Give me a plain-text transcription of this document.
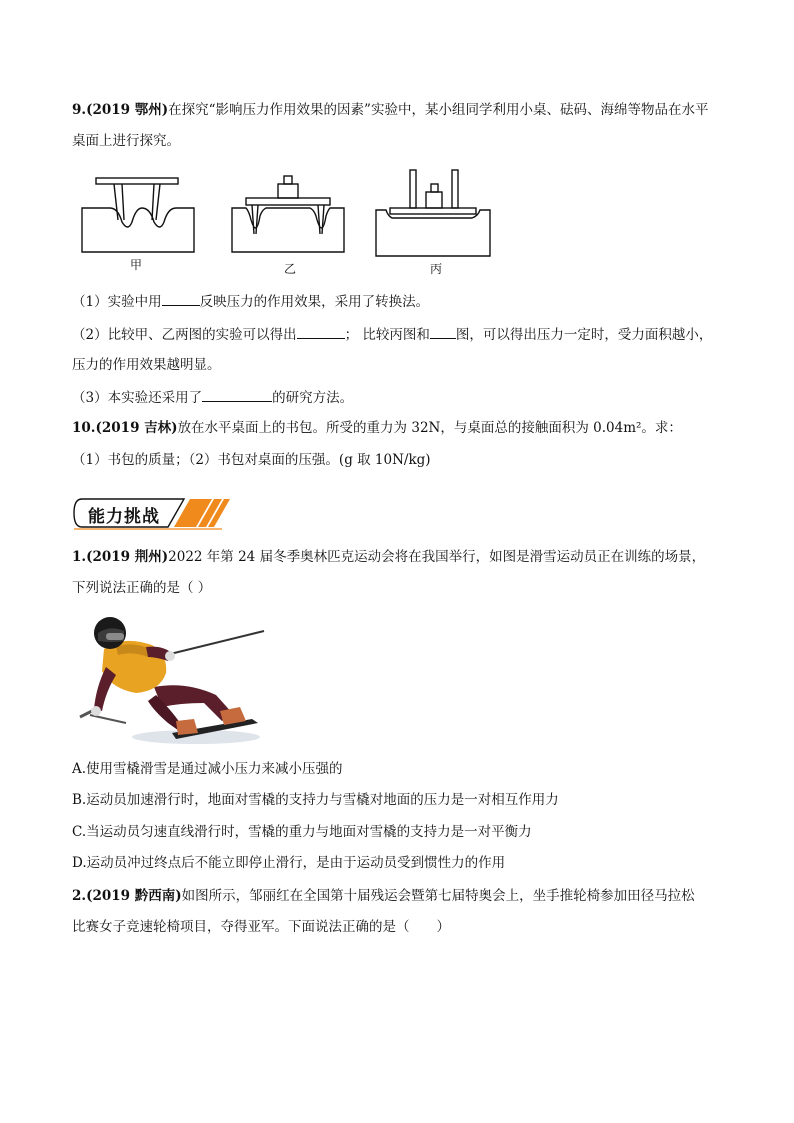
9.(2019 鄂州)在探究“影响压力作用效果的因素”实验中，某小组同学利用小桌、砝码、海绵等物品在水平
桌面上进行探究。
甲	乙	丙
（1）实验中用	反映压力的作用效果，采用了转换法。
（2）比较甲、乙两图的实验可以得出	； 比较丙图和 图，可以得出压力一定时，受力面积越小，
压力的作用效果越明显。
（3）本实验还采用了	的研究方法。
10.(2019 吉林)放在水平桌面上的书包。所受的重力为 32N，与桌面总的接触面积为 0.04m²。求：
（1）书包的质量；（2）书包对桌面的压强。(g 取 10N/kg)
能力挑战
1.(2019 荆州)2022 年第 24 届冬季奥林匹克运动会将在我国举行，如图是滑雪运动员正在训练的场景，
下列说法正确的是（ ）
A.使用雪橇滑雪是通过减小压力来减小压强的
B.运动员加速滑行时，地面对雪橇的支持力与雪橇对地面的压力是一对相互作用力
C.当运动员匀速直线滑行时，雪橇的重力与地面对雪橇的支持力是一对平衡力
D.运动员冲过终点后不能立即停止滑行，是由于运动员受到惯性力的作用
2.(2019 黔西南)如图所示，邹丽红在全国第十届残运会暨第七届特奥会上，坐手推轮椅参加田径马拉松
比赛女子竞速轮椅项目，夺得亚军。下面说法正确的是（　　）
